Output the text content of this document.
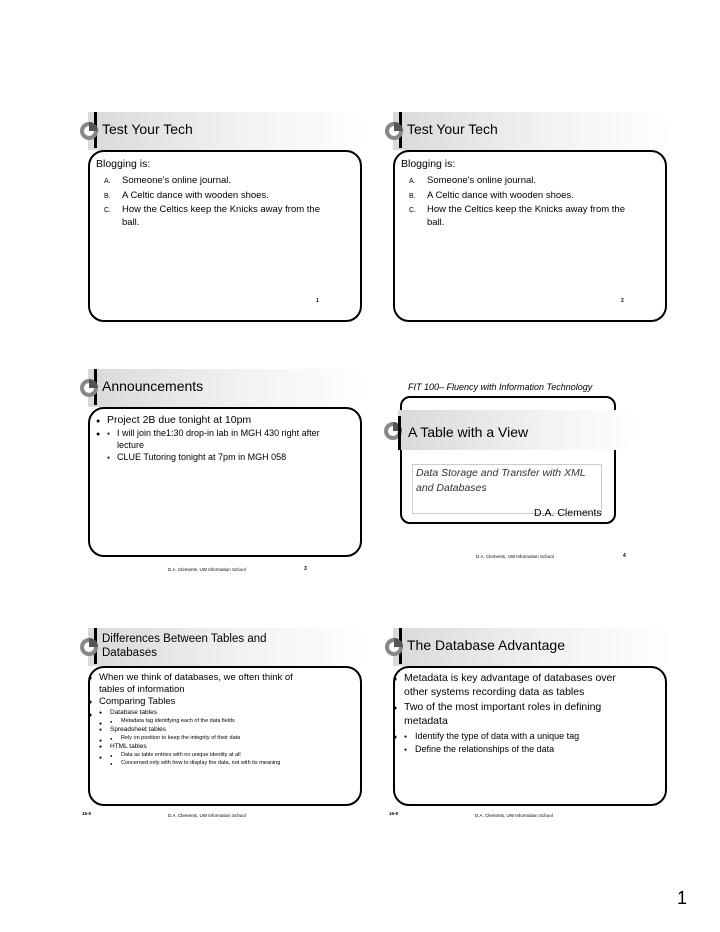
Test Your Tech
Blogging is:
A. Someone's online journal.
B. A Celtic dance with wooden shoes.
C. How the Celtics keep the Knicks away from the ball.
1
Test Your Tech
Blogging is:
A. Someone's online journal.
B. A Celtic dance with wooden shoes.
C. How the Celtics keep the Knicks away from the ball.
2
Announcements
● Project 2B due tonight at 10pm
● ● I will join the1:30 drop-in lab in MGH 430 right after lecture
● CLUE Tutoring tonight at 7pm in MGH 058
D.A. Clements, UW Information School	3
FIT 100– Fluency with Information Technology
A Table with a View
Data Storage and Transfer with XML and Databases
D.A. Clements
D.A. Clements, UW Information School	4
Differences Between Tables and Databases
● When we think of databases, we often think of tables of information
● Comparing Tables
● ● Database tables
● ● Metadata tag identifying each of the data fields
● Spreadsheet tables
● ● Rely on position to keep the integrity of their data
● HTML tables
● ● Data as table entries with no unique identity at all
● Concerned only with how to display the data, not with its meaning
16-5	D.A. Clements, UW Information School
The Database Advantage
● Metadata is key advantage of databases over other systems recording data as tables
● Two of the most important roles in defining metadata
● ● Identify the type of data with a unique tag
● Define the relationships of the data
16-6	D.A. Clements, UW Information School
1
